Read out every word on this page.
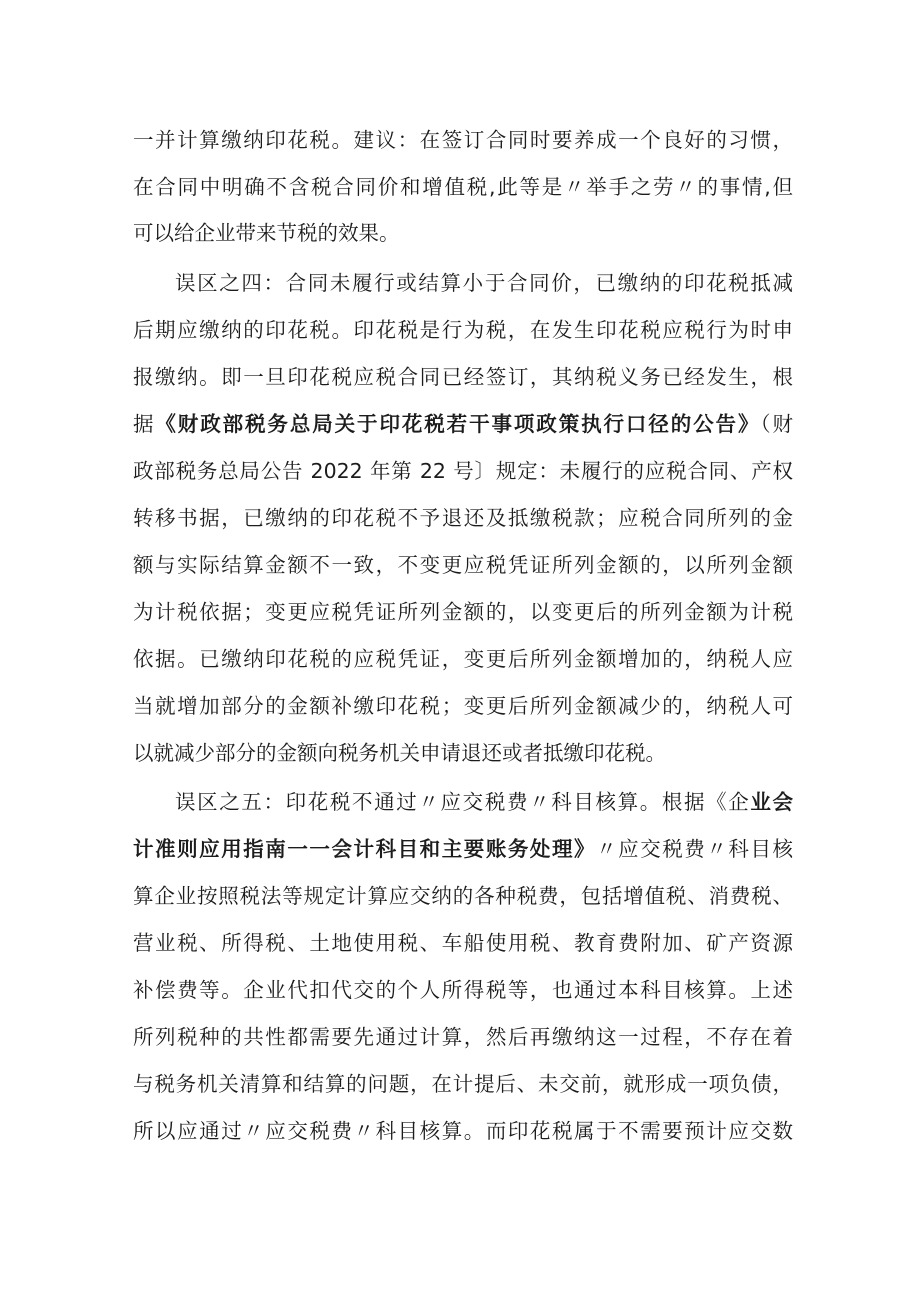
一并计算缴纳印花税。建议：在签订合同时要养成一个良好的习惯，
在合同中明确不含税合同价和增值税,此等是〃举手之劳〃的事情,但
可以给企业带来节税的效果。
误区之四：合同未履行或结算小于合同价，已缴纳的印花税抵减
后期应缴纳的印花税。印花税是行为税，在发生印花税应税行为时申
报缴纳。即一旦印花税应税合同已经签订，其纳税义务已经发生，根
据《财政部税务总局关于印花税若干事项政策执行口径的公告》（财
政部税务总局公告 2022 年第 22 号〕规定：未履行的应税合同、产权
转移书据，已缴纳的印花税不予退还及抵缴税款；应税合同所列的金
额与实际结算金额不一致，不变更应税凭证所列金额的，以所列金额
为计税依据；变更应税凭证所列金额的，以变更后的所列金额为计税
依据。已缴纳印花税的应税凭证，变更后所列金额增加的，纳税人应
当就增加部分的金额补缴印花税；变更后所列金额减少的，纳税人可
以就减少部分的金额向税务机关申请退还或者抵缴印花税。
误区之五：印花税不通过〃应交税费〃科目核算。根据《企业会
计准则应用指南一一会计科目和主要账务处理》〃应交税费〃科目核
算企业按照税法等规定计算应交纳的各种税费，包括增值税、消费税、
营业税、所得税、土地使用税、车船使用税、教育费附加、矿产资源
补偿费等。企业代扣代交的个人所得税等，也通过本科目核算。上述
所列税种的共性都需要先通过计算，然后再缴纳这一过程，不存在着
与税务机关清算和结算的问题，在计提后、未交前，就形成一项负债，
所以应通过〃应交税费〃科目核算。而印花税属于不需要预计应交数
